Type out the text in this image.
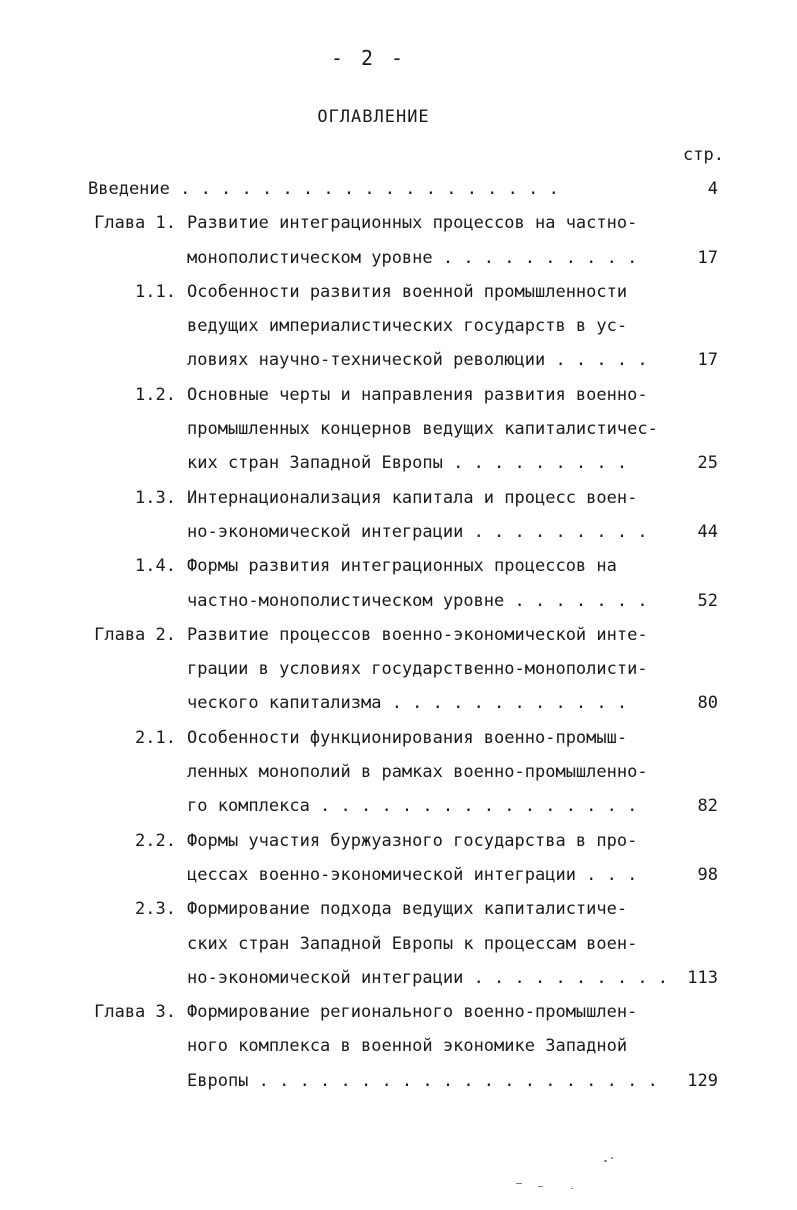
- 2 -
ОГЛАВЛЕНИЕ
стр.
Введение . . . . . . . . . . . . . . . . . . .	4
Глава 1. Развитие интеграционных процессов на частно-
монополистическом уровне . . . . . . . . . .	17
1.1. Особенности развития военной промышленности
ведущих империалистических государств в ус-
ловиях научно-технической революции . . . . .	17
1.2. Основные черты и направления развития военно-
промышленных концернов ведущих капиталистичес-
ких стран Западной Европы . . . . . . . . .	25
1.3. Интернационализация капитала и процесс воен-
но-экономической интеграции . . . . . . . . .	44
1.4. Формы развития интеграционных процессов на
частно-монополистическом уровне . . . . . . .	52
Глава 2. Развитие процессов военно-экономической инте-
грации в условиях государственно-монополисти-
ческого капитализма . . . . . . . . . . . .	80
2.1. Особенности функционирования военно-промыш-
ленных монополий в рамках военно-промышленно-
го комплекса . . . . . . . . . . . . . . . .	82
2.2. Формы участия буржуазного государства в про-
цессах военно-экономической интеграции . . .	98
2.3. Формирование подхода ведущих капиталистиче-
ских стран Западной Европы к процессам воен-
но-экономической интеграции . . . . . . . . . .	113
Глава 3. Формирование регионального военно-промышлен-
ного комплекса в военной экономике Западной
Европы . . . . . . . . . . . . . . . . . . . .	129
